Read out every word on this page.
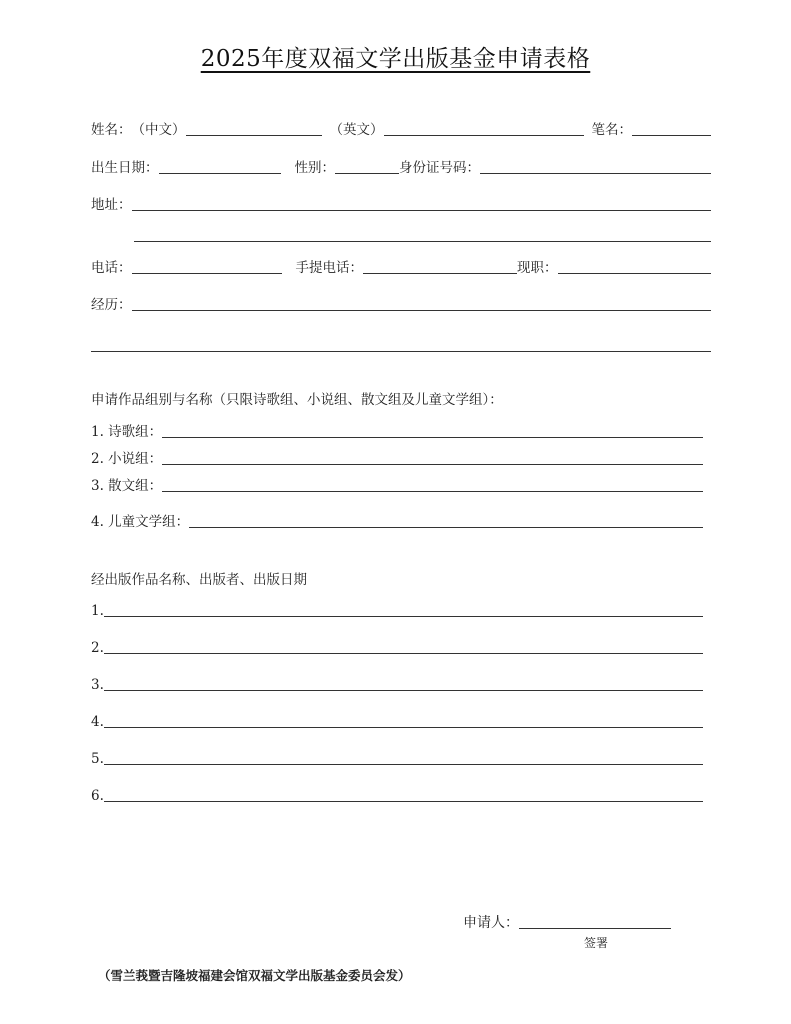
2025年度双福文学出版基金申请表格
姓名： （中文）	（英文）	笔名：
出生日期：	性别：	身份证号码：
地址：
电话：	手提电话：	现职：
经历：
申请作品组别与名称（只限诗歌组、小说组、散文组及儿童文学组）：
1. 诗歌组：
2. 小说组：
3. 散文组：
4. 儿童文学组：
经出版作品名称、出版者、出版日期
1.
2.
3.
4.
5.
6.
申请人：
签署
（雪兰莪暨吉隆坡福建会馆双福文学出版基金委员会发）
